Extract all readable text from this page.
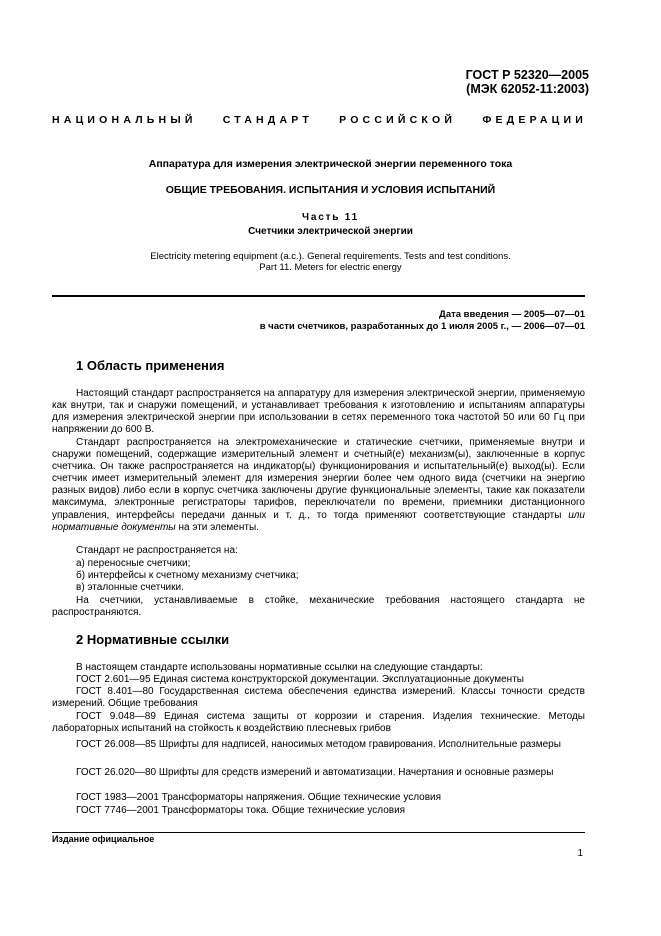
ГОСТ Р 52320—2005
(МЭК 62052-11:2003)
НАЦИОНАЛЬНЫЙ СТАНДАРТ РОССИЙСКОЙ ФЕДЕРАЦИИ
Аппаратура для измерения электрической энергии переменного тока
ОБЩИЕ ТРЕБОВАНИЯ. ИСПЫТАНИЯ И УСЛОВИЯ ИСПЫТАНИЙ
Часть 11
Счетчики электрической энергии
Electricity metering equipment (a.c.). General requirements. Tests and test conditions.
Part 11. Meters for electric energy
Дата введения — 2005—07—01
в части счетчиков, разработанных до 1 июля 2005 г., — 2006—07—01
1 Область применения
Настоящий стандарт распространяется на аппаратуру для измерения электрической энергии, применяемую как внутри, так и снаружи помещений, и устанавливает требования к изготовлению и испытаниям аппаратуры для измерения электрической энергии при использовании в сетях переменного тока частотой 50 или 60 Гц при напряжении до 600 В.
Стандарт распространяется на электромеханические и статические счетчики, применяемые внутри и снаружи помещений, содержащие измерительный элемент и счетный(е) механизм(ы), заключенные в корпус счетчика. Он также распространяется на индикатор(ы) функционирования и испытательный(е) выход(ы). Если счетчик имеет измерительный элемент для измерения энергии более чем одного вида (счетчики на энергию разных видов) либо если в корпус счетчика заключены другие функциональные элементы, такие как показатели максимума, электронные регистраторы тарифов, переключатели по времени, приемники дистанционного управления, интерфейсы передачи данных и т. д., то тогда применяют соответствующие стандарты или нормативные документы на эти элементы.
Стандарт не распространяется на:
а) переносные счетчики;
б) интерфейсы к счетному механизму счетчика;
в) эталонные счетчики.
На счетчики, устанавливаемые в стойке, механические требования настоящего стандарта не распространяются.
2 Нормативные ссылки
В настоящем стандарте использованы нормативные ссылки на следующие стандарты:
ГОСТ 2.601—95 Единая система конструкторской документации. Эксплуатационные документы
ГОСТ 8.401—80 Государственная система обеспечения единства измерений. Классы точности средств измерений. Общие требования
ГОСТ 9.048—89 Единая система защиты от коррозии и старения. Изделия технические. Методы лабораторных испытаний на стойкость к воздействию плесневых грибов
ГОСТ 26.008—85 Шрифты для надписей, наносимых методом гравирования. Исполнительные размеры
ГОСТ 26.020—80 Шрифты для средств измерений и автоматизации. Начертания и основные размеры
ГОСТ 1983—2001 Трансформаторы напряжения. Общие технические условия
ГОСТ 7746—2001 Трансформаторы тока. Общие технические условия
Издание официальное
1
